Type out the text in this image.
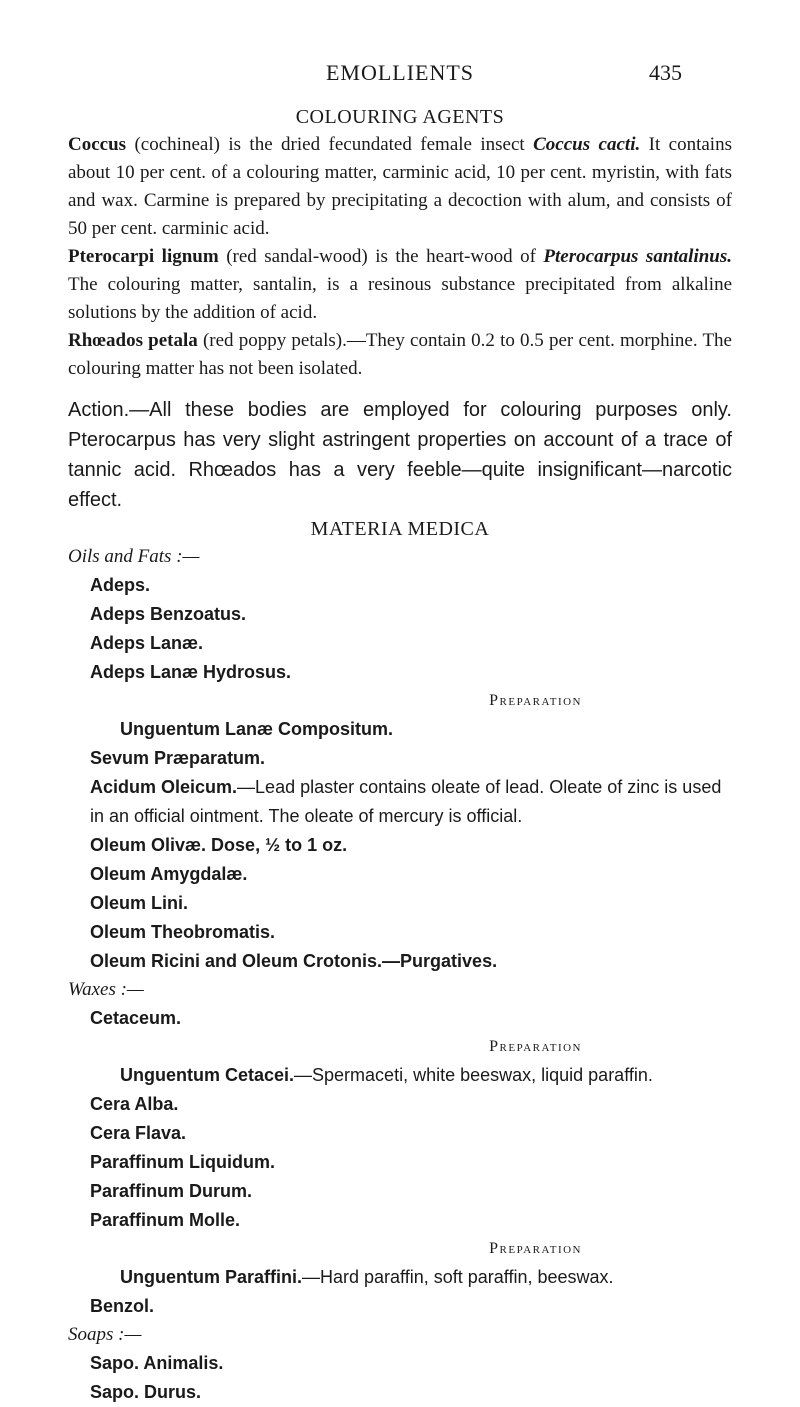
EMOLLIENTS	435

COLOURING AGENTS

Coccus (cochineal) is the dried fecundated female insect Coccus cacti. It contains about 10 per cent. of a colouring matter, carminic acid, 10 per cent. myristin, with fats and wax. Carmine is prepared by precipitating a decoction with alum, and consists of 50 per cent. carminic acid.

Pterocarpi lignum (red sandal-wood) is the heart-wood of Pterocarpus santalinus. The colouring matter, santalin, is a resinous substance precipitated from alkaline solutions by the addition of acid.

Rhœados petala (red poppy petals).—They contain 0.2 to 0.5 per cent. morphine. The colouring matter has not been isolated.

Action.—All these bodies are employed for colouring purposes only. Pterocarpus has very slight astringent properties on account of a trace of tannic acid. Rhœados has a very feeble—quite insignificant—narcotic effect.

MATERIA MEDICA

Oils and Fats :—

Adeps.

Adeps Benzoatus.

Adeps Lanæ.

Adeps Lanæ Hydrosus.

Preparation

Unguentum Lanæ Compositum.

Sevum Præparatum.

Acidum Oleicum.—Lead plaster contains oleate of lead. Oleate of zinc is used in an official ointment. The oleate of mercury is official.

Oleum Olivæ. Dose, ½ to 1 oz.

Oleum Amygdalæ.

Oleum Lini.

Oleum Theobromatis.

Oleum Ricini and Oleum Crotonis.—Purgatives.

Waxes :—

Cetaceum.

Preparation

Unguentum Cetacei.—Spermaceti, white beeswax, liquid paraffin.

Cera Alba.

Cera Flava.

Paraffinum Liquidum.

Paraffinum Durum.

Paraffinum Molle.

Preparation

Unguentum Paraffini.—Hard paraffin, soft paraffin, beeswax.

Benzol.

Soaps :—

Sapo. Animalis.

Sapo. Durus.
